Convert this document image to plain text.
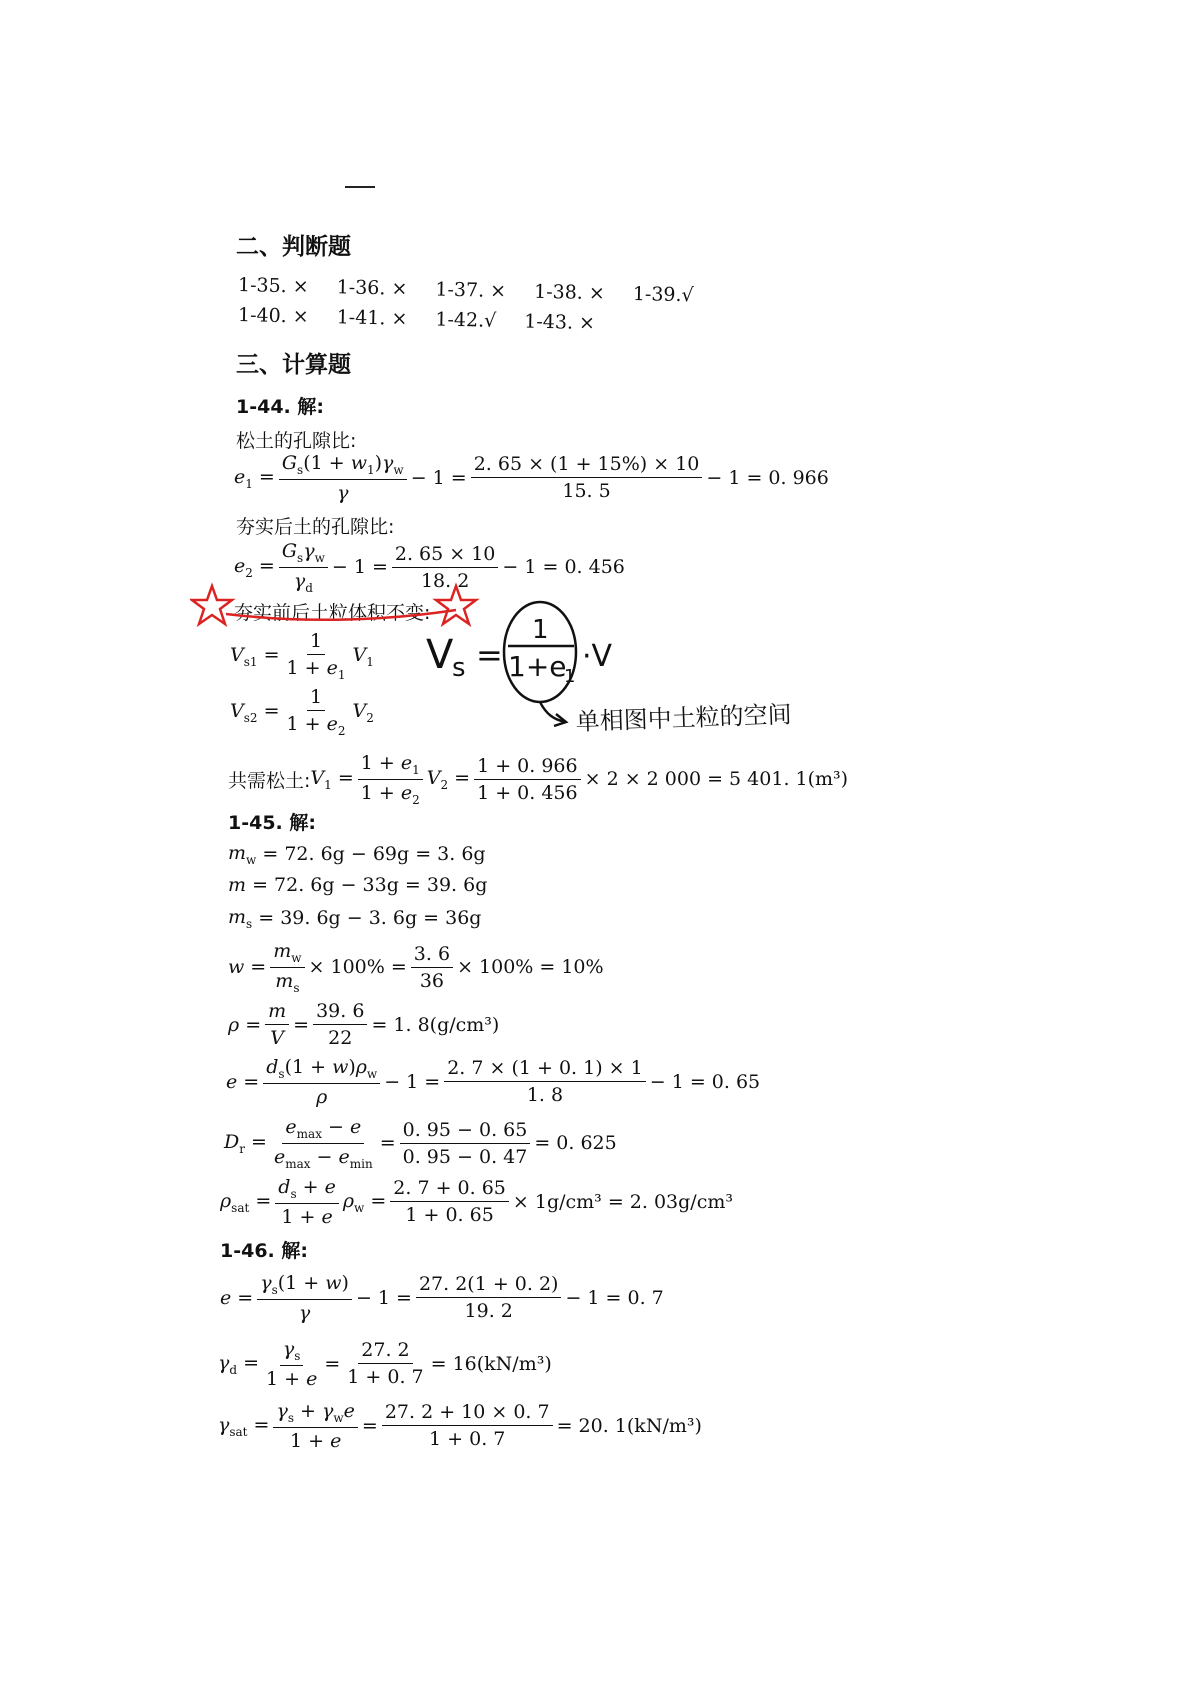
二、判断题
1-35. × 1-36. × 1-37. × 1-38. × 1-39.√
1-40. × 1-41. × 1-42.√ 1-43. ×
三、计算题
1-44. 解:
松土的孔隙比:
$e_1 = \frac{G_s(1 + w_1)\gamma_w}{\gamma} - 1 = \frac{2. 65 \times (1 + 15\%) \times 10}{15. 5} - 1 = 0$. 966
夯实后土的孔隙比:
$e_2 = \frac{G_s\gamma_w}{\gamma_d} - 1 = \frac{2. 65 \times 10}{18. 2} - 1 = 0$. 456
夯实前后土粒体积不变:
$V_{s1} = \frac{1}{1 + e_1} V_1$
$V_{s2} = \frac{1}{1 + e_2} V_2$
共需松土: $V_1 = \frac{1 + e_1}{1 + e_2} V_2 = \frac{1 + 0. 966}{1 + 0. 456} \times 2 \times 2$ 000 = 5 401. 1(m³)
V
s =
1
1+e
1
·V
单相图中土粒的空间
1-45. 解:
$m_w = 72$. 6g − 69g = 3. 6g
m = 72. 6g − 33g = 39. 6g
$m_s = 39$. 6g − 3. 6g = 36g
$w = \frac{m_w}{m_s} \times 100\% = \frac{3. 6}{36} \times 100\% = 10\%$
$\rho = \frac{m}{V} = \frac{39. 6}{22} = 1$. 8(g/cm³)
$e = \frac{d_s(1 + w)\rho_w}{\rho} - 1 = \frac{2. 7 \times (1 + 0. 1) \times 1}{1. 8} - 1 = 0$. 65
$D_r = \frac{e_{max} - e}{e_{max} - e_{min}} = \frac{0. 95 - 0. 65}{0. 95 - 0. 47} = 0$. 625
$\rho_{sat} = \frac{d_s + e}{1 + e} \rho_w = \frac{2. 7 + 0. 65}{1 + 0. 65} \times 1g/cm^3 = 2$. 03g/cm³
1-46. 解:
$e = \frac{\gamma_s(1 + w)}{\gamma} - 1 = \frac{27. 2(1 + 0. 2)}{19. 2} - 1 = 0$. 7
$\gamma_d = \frac{\gamma_s}{1 + e} = \frac{27. 2}{1 + 0. 7} = 16(kN/m^3)$
$\gamma_{sat} = \frac{\gamma_s + \gamma_we}{1 + e} = \frac{27. 2 + 10 \times 0. 7}{1 + 0. 7} = 20$. 1(kN/m³)
